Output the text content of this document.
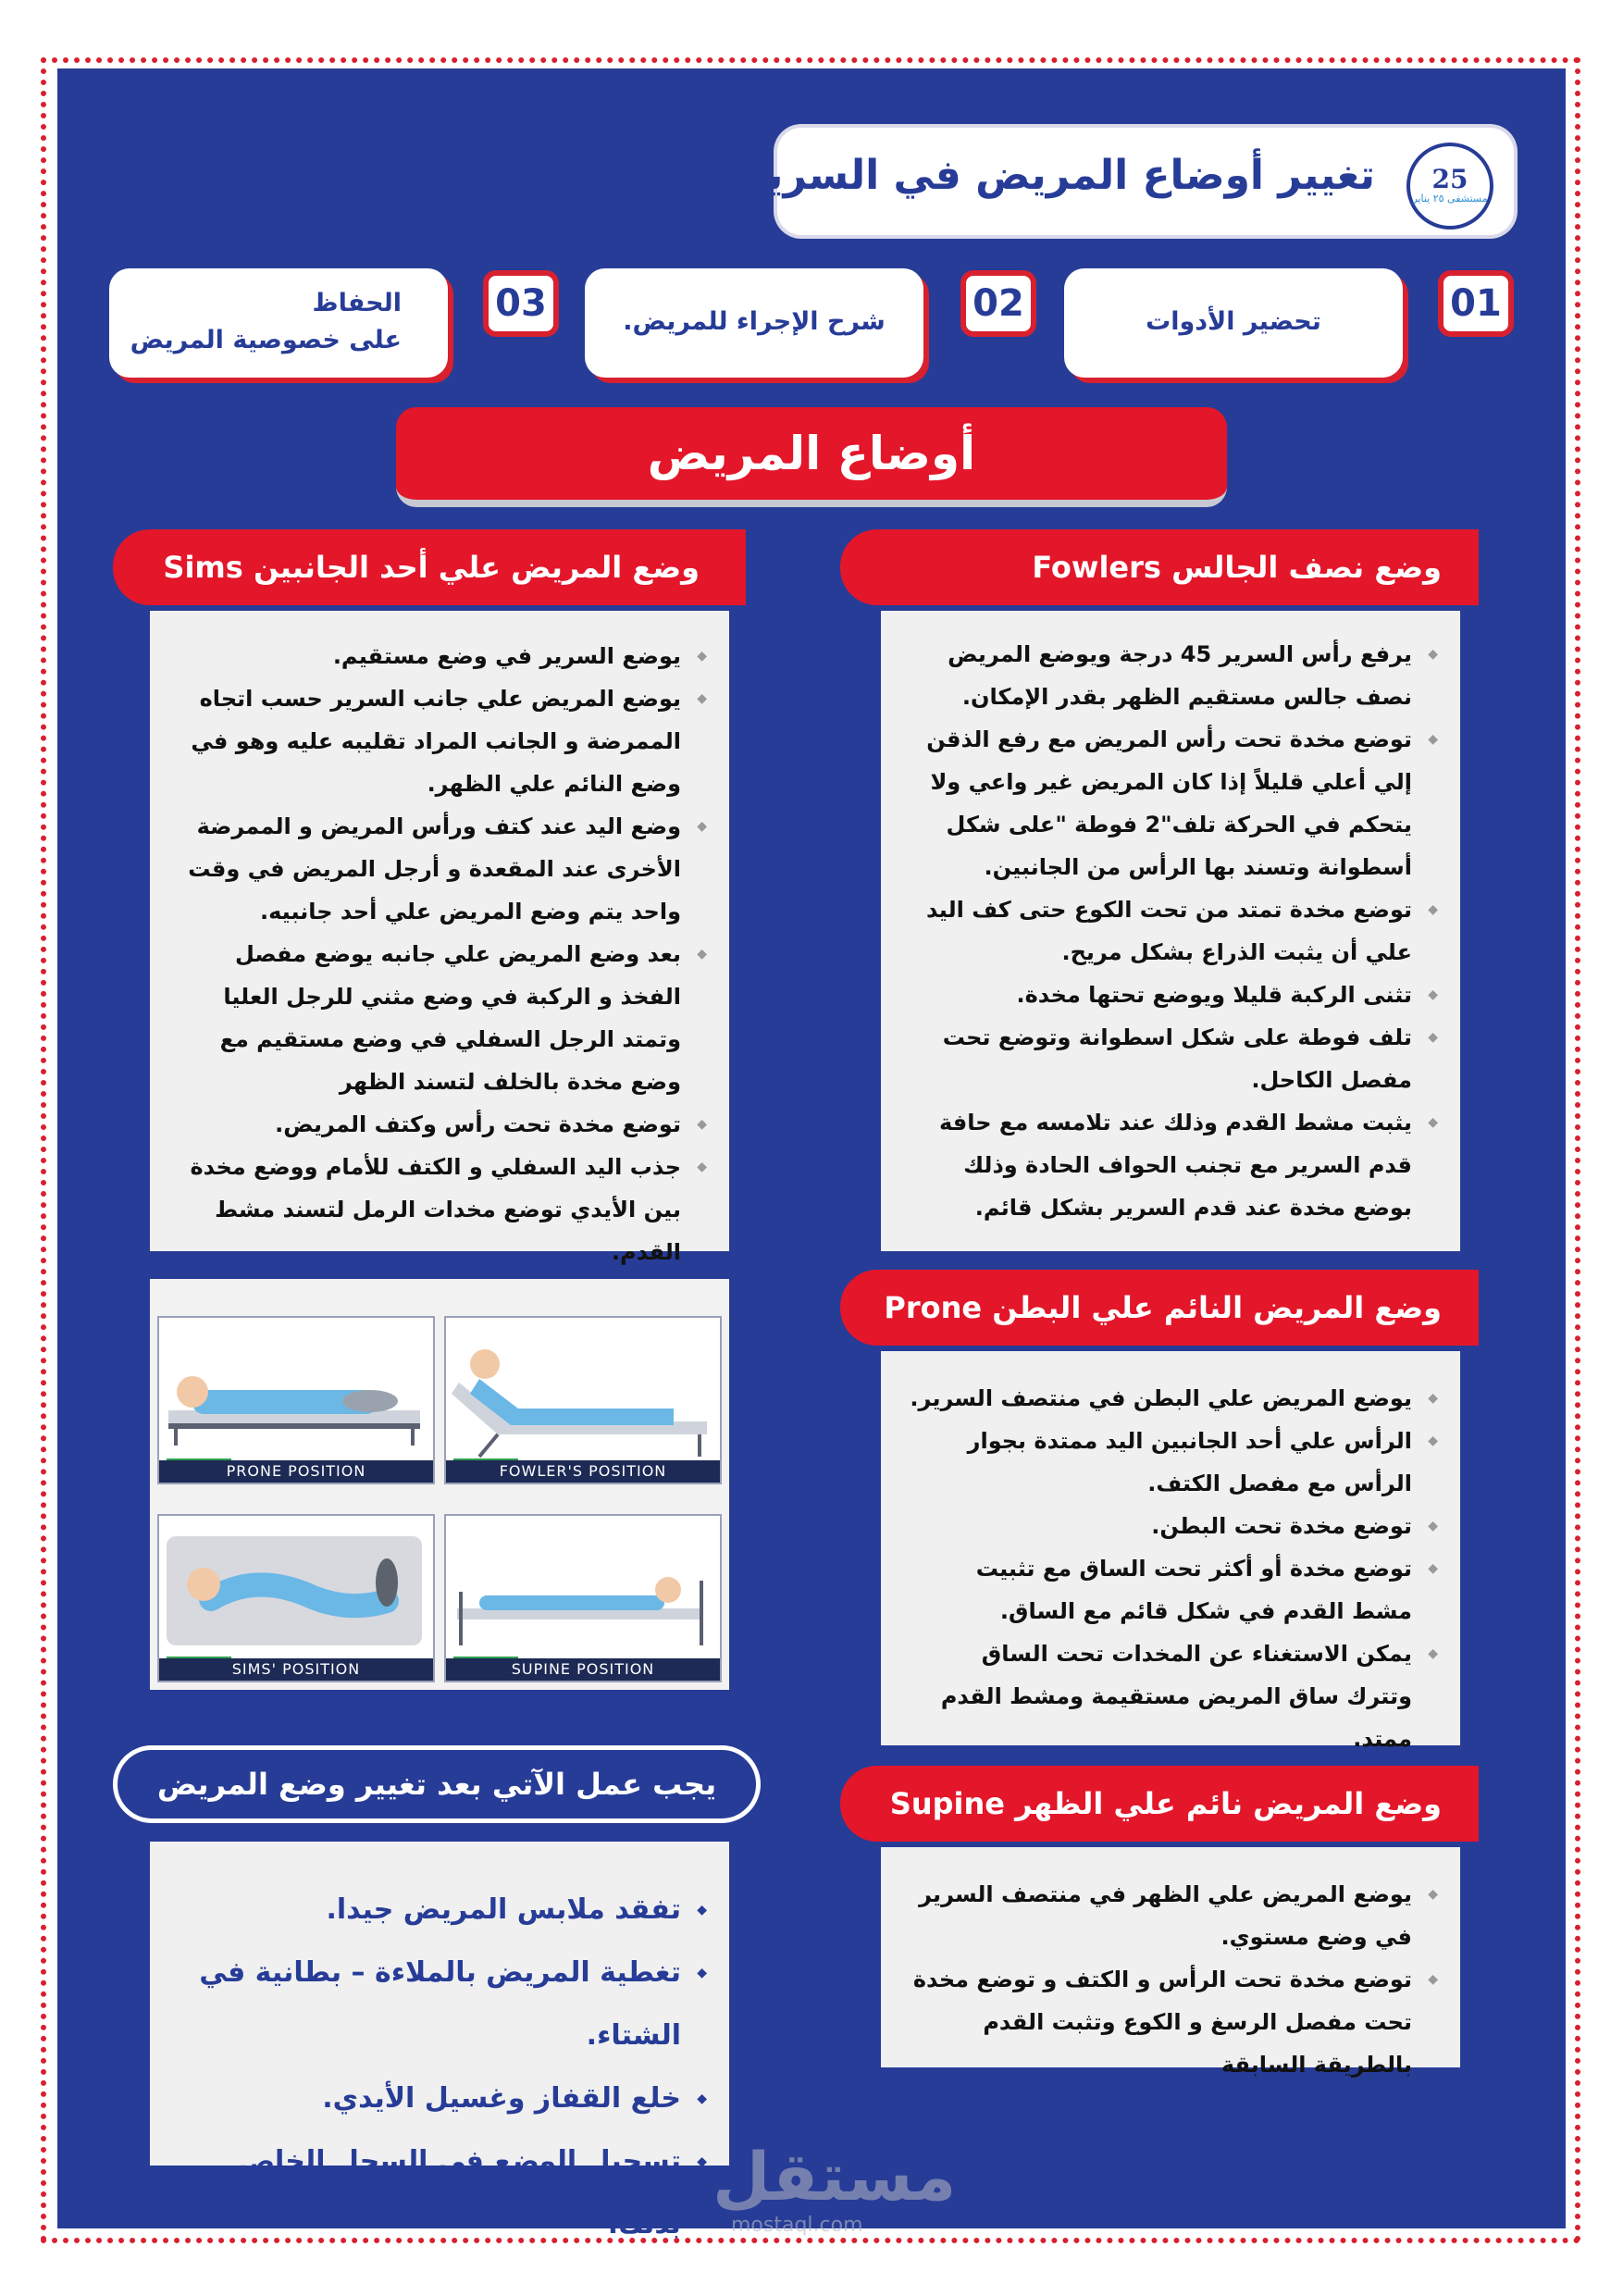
25
مستشفى ٢٥ يناير
تغيير أوضاع المريض في السرير
تحضير الأدوات	01
شرح الإجراء للمريض.	02
الحفاظ
على خصوصية المريض
03
أوضاع المريض
وضع نصف الجالس Fowlers
◆ يرفع رأس السرير 45 درجة ويوضع المريض نصف جالس مستقيم الظهر بقدر الإمكان.
◆ توضع مخدة تحت رأس المريض مع رفع الذقن إلي أعلي قليلاً إذا كان المريض غير واعي ولا يتحكم في الحركة تلف"2 فوطة "على شكل أسطوانة وتسند بها الرأس من الجانبين.
◆ توضع مخدة تمتد من تحت الكوع حتى كف اليد علي أن يثبت الذراع بشكل مريح.
◆ تثنى الركبة قليلا ويوضع تحتها مخدة.
◆ تلف فوطة على شكل اسطوانة وتوضع تحت مفصل الكاحل.
◆ يثبت مشط القدم وذلك عند تلامسه مع حافة قدم السرير مع تجنب الحواف الحادة وذلك بوضع مخدة عند قدم السرير بشكل قائم.
وضع المريض علي أحد الجانبين Sims
◆ يوضع السرير في وضع مستقيم.
◆ يوضع المريض علي جانب السرير حسب اتجاه الممرضة و الجانب المراد تقليبه عليه وهو في وضع النائم علي الظهر.
◆ وضع اليد عند كتف ورأس المريض و الممرضة الأخرى عند المقعدة و أرجل المريض في وقت واحد يتم وضع المريض علي أحد جانبيه.
◆ بعد وضع المريض علي جانبه يوضع مفصل الفخذ و الركبة في وضع مثني للرجل العليا وتمتد الرجل السفلي في وضع مستقيم مع وضع مخدة بالخلف لتسند الظهر
◆ توضع مخدة تحت رأس وكتف المريض.
◆ جذب اليد السفلي و الكتف للأمام ووضع مخدة بين الأيدي توضع مخدات الرمل لتسند مشط القدم.
PRONE POSITION	FOWLER'S POSITION
SIMS' POSITION	SUPINE POSITION
وضع المريض النائم علي البطن Prone
◆ يوضع المريض علي البطن في منتصف السرير.
◆ الرأس علي أحد الجانبين اليد ممتدة بجوار الرأس مع مفصل الكتف.
◆ توضع مخدة تحت البطن.
◆ توضع مخدة أو أكثر تحت الساق مع تثبيت مشط القدم في شكل قائم مع الساق.
◆ يمكن الاستغناء عن المخدات تحت الساق وتترك ساق المريض مستقيمة ومشط القدم ممتد.
وضع المريض نائم علي الظهر Supine
◆ يوضع المريض علي الظهر في منتصف السرير في وضع مستوي.
◆ توضع مخدة تحت الرأس و الكتف و توضع مخدة تحت مفصل الرسغ و الكوع وتثبت القدم بالطريقة السابقة
يجب عمل الآتي بعد تغيير وضع المريض
◆ تفقد ملابس المريض جيدا.
◆ تغطية المريض بالملاءة – بطانية في الشتاء.
◆ خلع القفاز وغسيل الأيدي.
◆ تسجيل الوضع في السجل الخاص بذلك.
مستقل
mostaql.com
